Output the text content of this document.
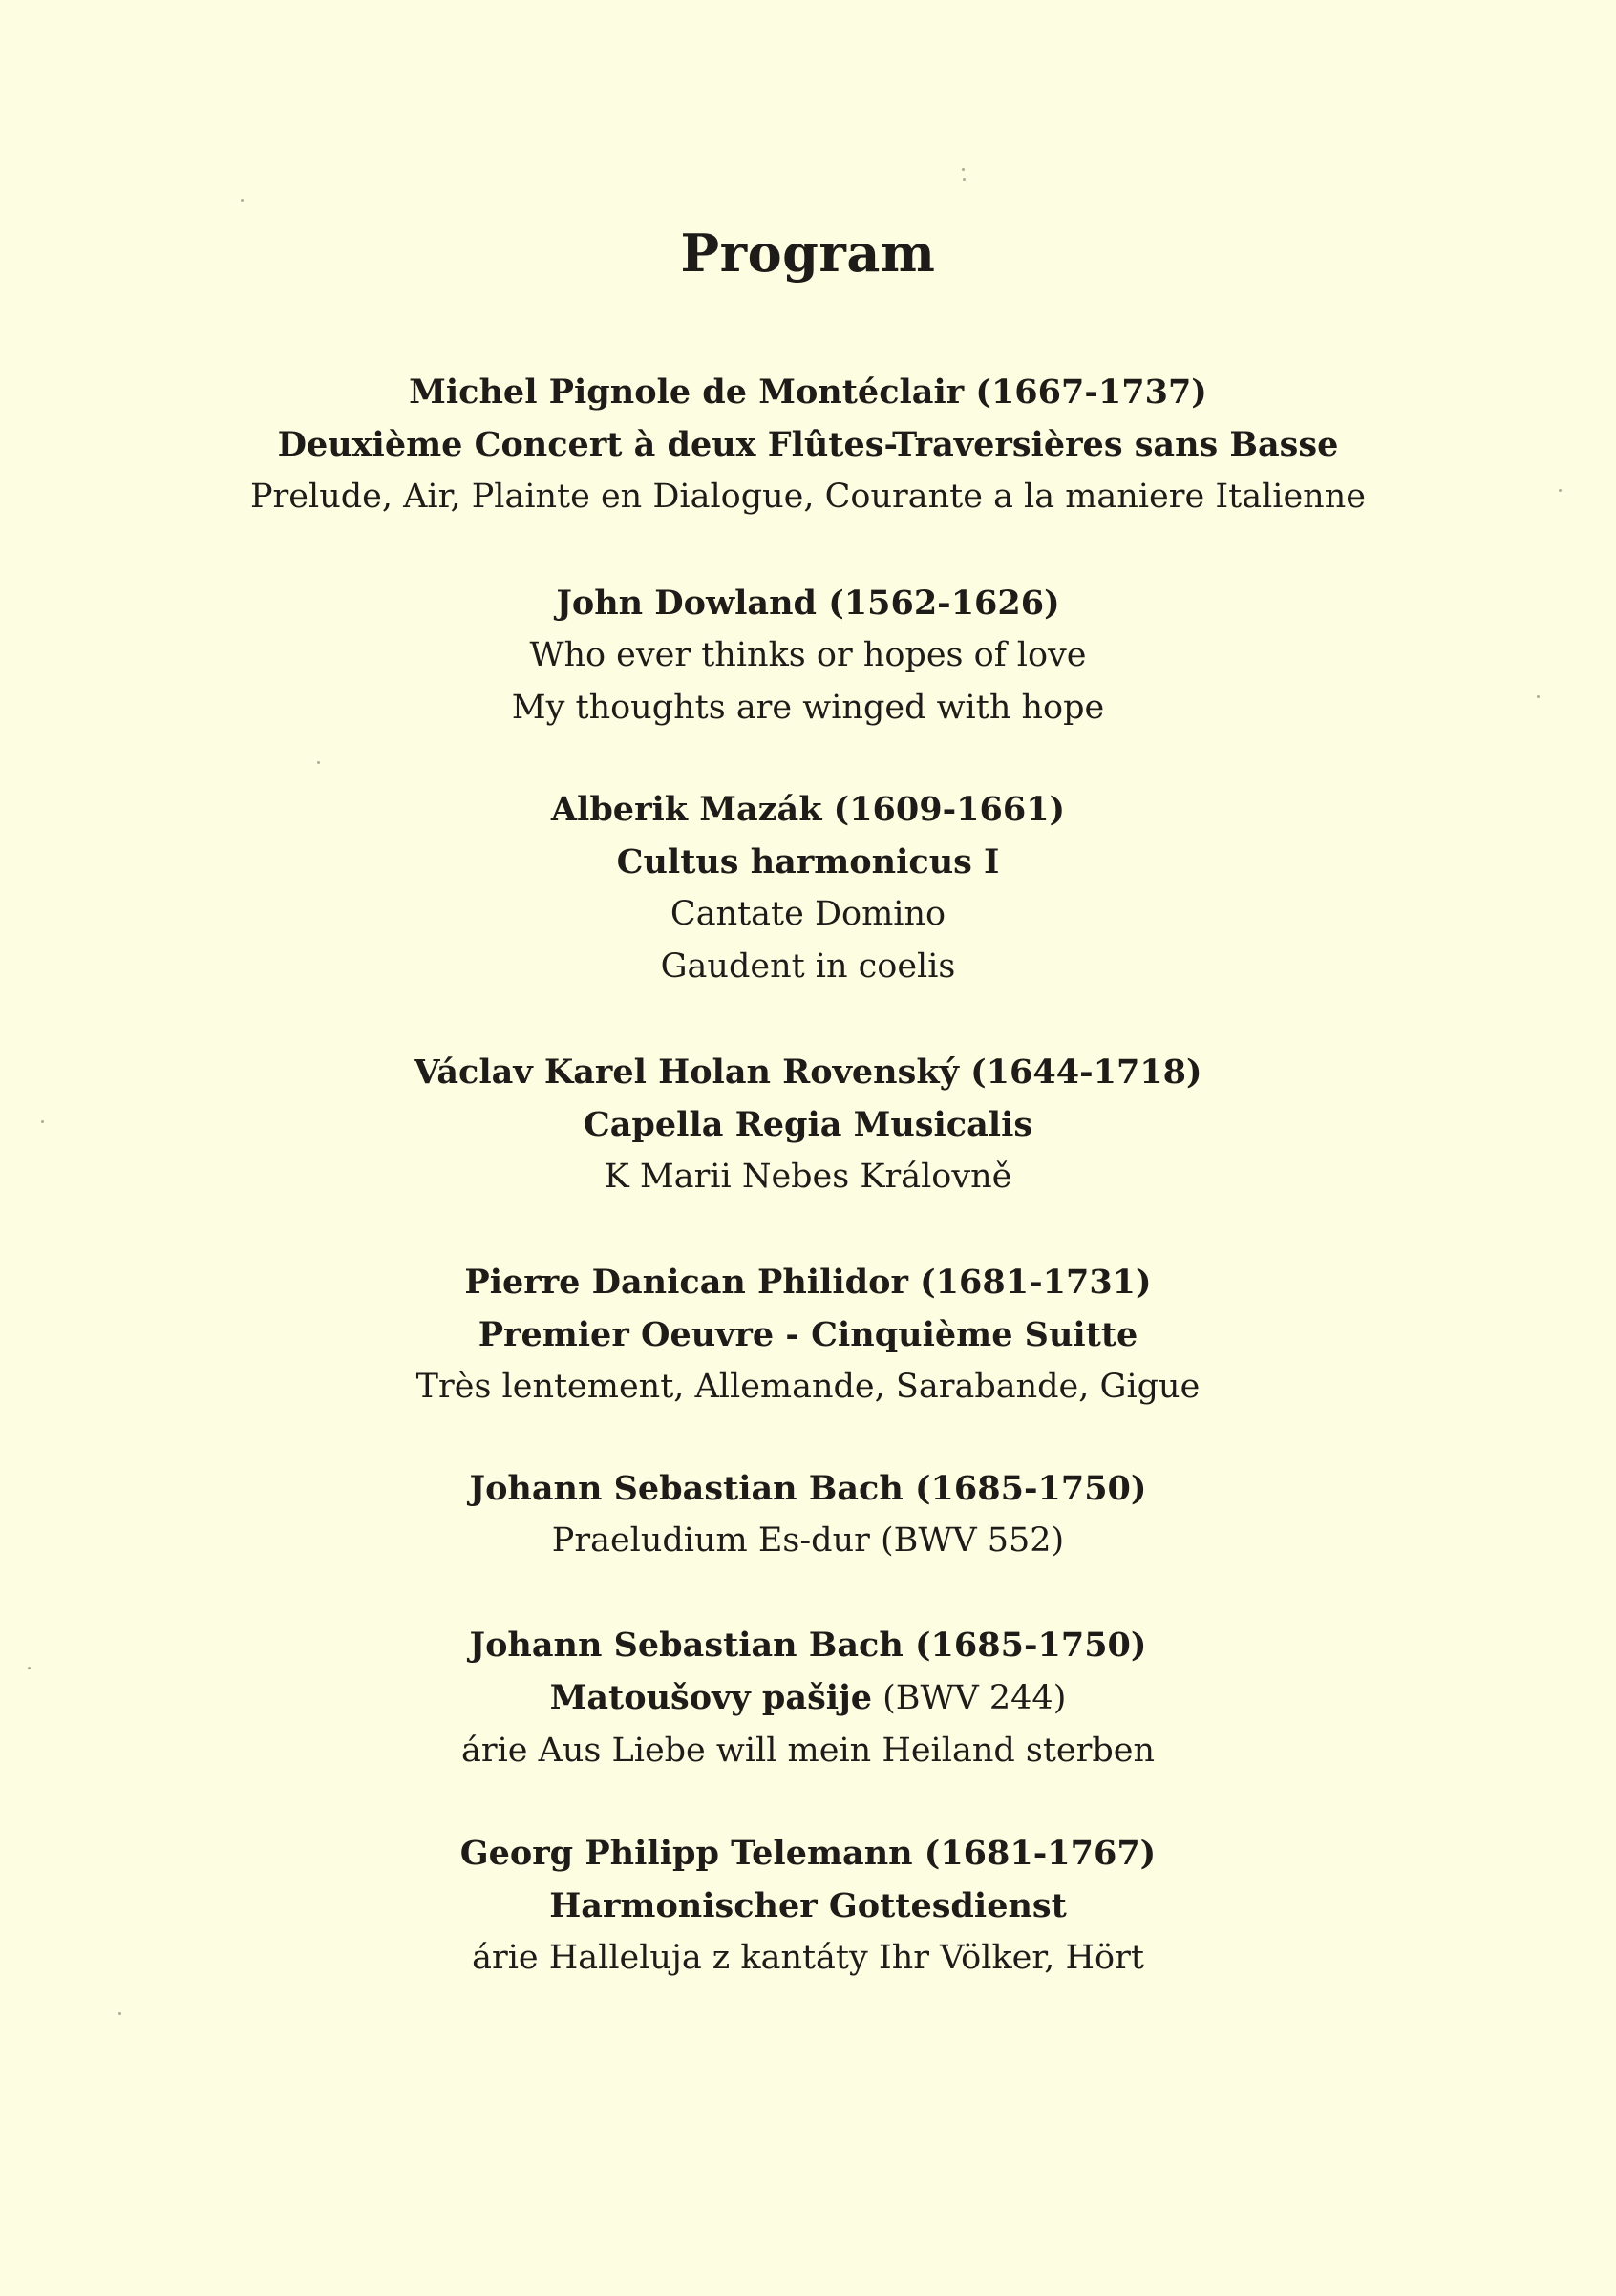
Program
Michel Pignole de Montéclair (1667-1737)
Deuxième Concert à deux Flûtes-Traversières sans Basse
Prelude, Air, Plainte en Dialogue, Courante a la maniere Italienne
John Dowland (1562-1626)
Who ever thinks or hopes of love
My thoughts are winged with hope
Alberik Mazák (1609-1661)
Cultus harmonicus I
Cantate Domino
Gaudent in coelis
Václav Karel Holan Rovenský (1644-1718)
Capella Regia Musicalis
K Marii Nebes Královně
Pierre Danican Philidor (1681-1731)
Premier Oeuvre - Cinquième Suitte
Très lentement, Allemande, Sarabande, Gigue
Johann Sebastian Bach (1685-1750)
Praeludium Es-dur (BWV 552)
Johann Sebastian Bach (1685-1750)
Matoušovy pašije (BWV 244)
árie Aus Liebe will mein Heiland sterben
Georg Philipp Telemann (1681-1767)
Harmonischer Gottesdienst
árie Halleluja z kantáty Ihr Völker, Hört
